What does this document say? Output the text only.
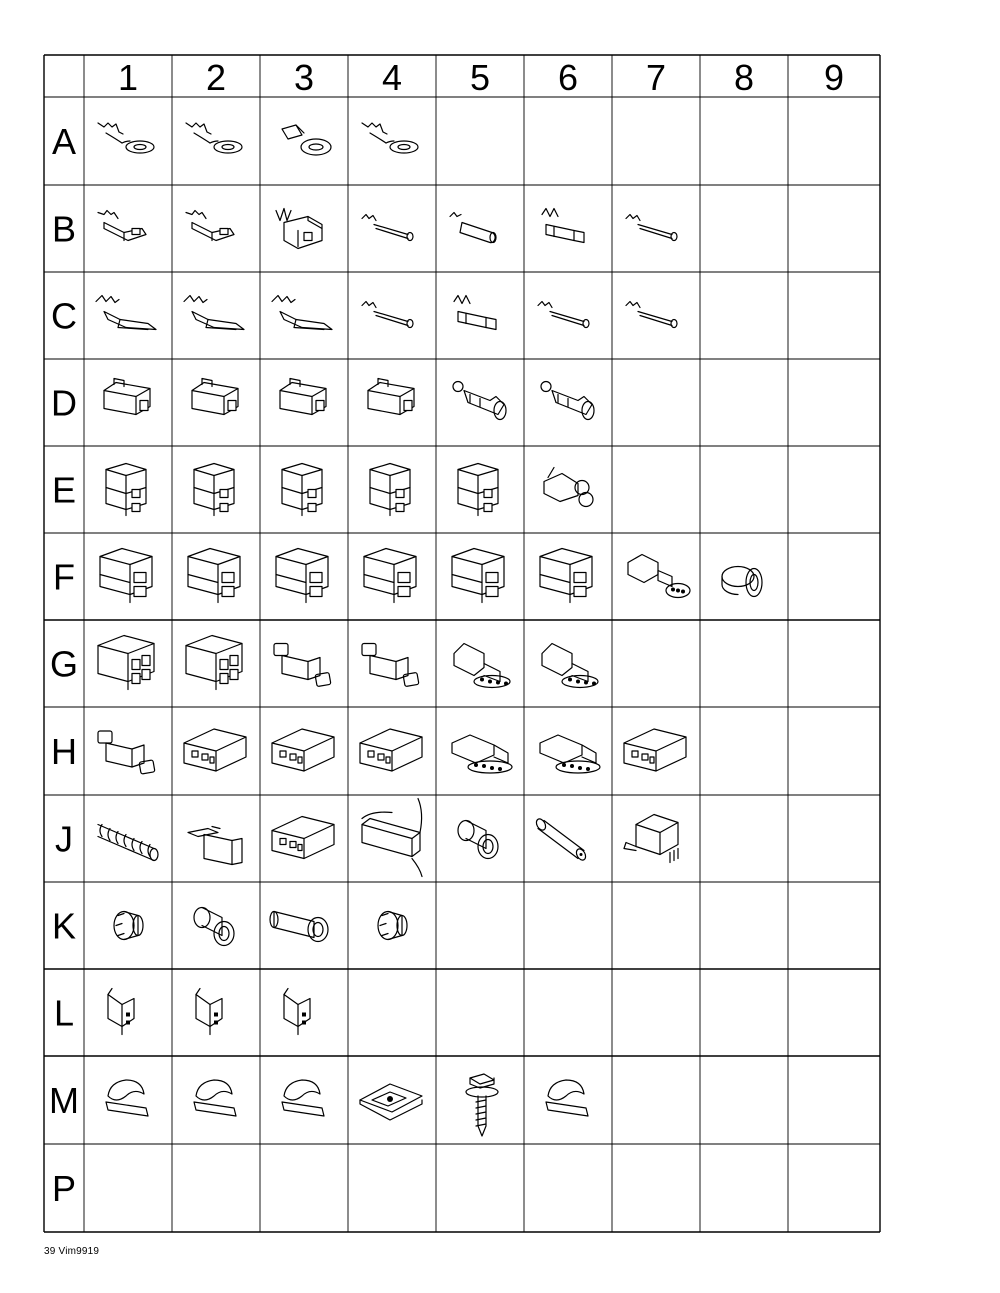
1 2 3 4 5 6 7 8 9
A
B
C
D
E
F
G
H
J
K
L
M
P
39 Vim9919
